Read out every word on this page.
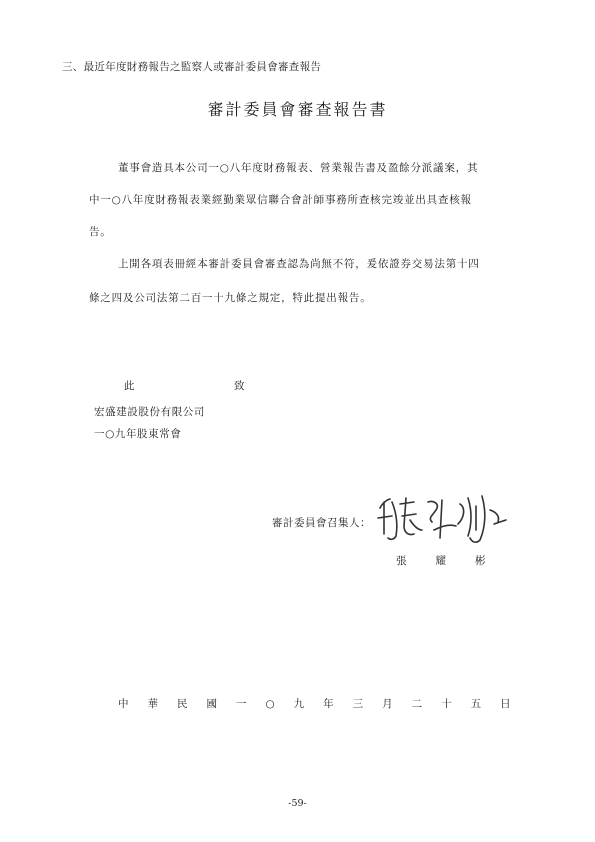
三、最近年度財務報告之監察人或審計委員會審查報告
審計委員會審查報告書
董事會造具本公司一○八年度財務報表、營業報告書及盈餘分派議案，其
中一○八年度財務報表業經勤業眾信聯合會計師事務所查核完竣並出具查核報
告。
上開各項表冊經本審計委員會審查認為尚無不符，爰依證券交易法第十四
條之四及公司法第二百一十九條之規定，特此提出報告。
此	致
宏盛建設股份有限公司
一○九年股東常會
審計委員會召集人：
張耀彬
中華民國一○九年三月二十五日
-59-
